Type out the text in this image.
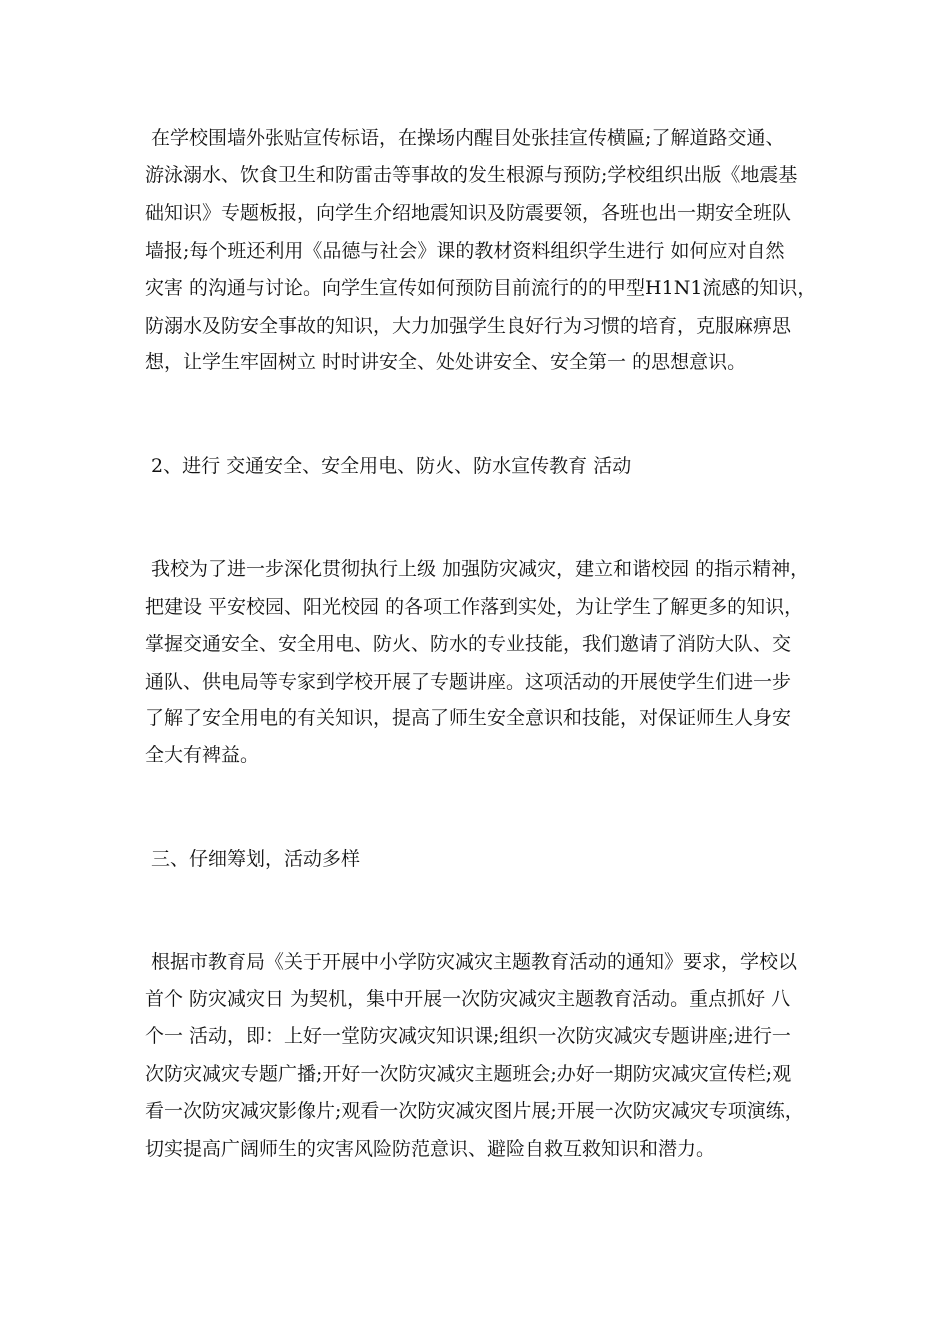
在学校围墙外张贴宣传标语，在操场内醒目处张挂宣传横匾;了解道路交通、

游泳溺水、饮食卫生和防雷击等事故的发生根源与预防;学校组织出版《地震基

础知识》专题板报，向学生介绍地震知识及防震要领，各班也出一期安全班队

墙报;每个班还利用《品德与社会》课的教材资料组织学生进行 如何应对自然

灾害 的沟通与讨论。向学生宣传如何预防目前流行的的甲型H1N1流感的知识，

防溺水及防安全事故的知识，大力加强学生良好行为习惯的培育，克服麻痹思

想，让学生牢固树立 时时讲安全、处处讲安全、安全第一 的思想意识。

2、进行 交通安全、安全用电、防火、防水宣传教育 活动

我校为了进一步深化贯彻执行上级 加强防灾减灾，建立和谐校园 的指示精神，

把建设 平安校园、阳光校园 的各项工作落到实处，为让学生了解更多的知识，

掌握交通安全、安全用电、防火、防水的专业技能，我们邀请了消防大队、交

通队、供电局等专家到学校开展了专题讲座。这项活动的开展使学生们进一步

了解了安全用电的有关知识，提高了师生安全意识和技能，对保证师生人身安

全大有裨益。

三、仔细筹划，活动多样

根据市教育局《关于开展中小学防灾减灾主题教育活动的通知》要求，学校以

首个 防灾减灾日 为契机，集中开展一次防灾减灾主题教育活动。重点抓好 八

个一 活动，即：上好一堂防灾减灾知识课;组织一次防灾减灾专题讲座;进行一

次防灾减灾专题广播;开好一次防灾减灾主题班会;办好一期防灾减灾宣传栏;观

看一次防灾减灾影像片;观看一次防灾减灾图片展;开展一次防灾减灾专项演练，

切实提高广阔师生的灾害风险防范意识、避险自救互救知识和潜力。
